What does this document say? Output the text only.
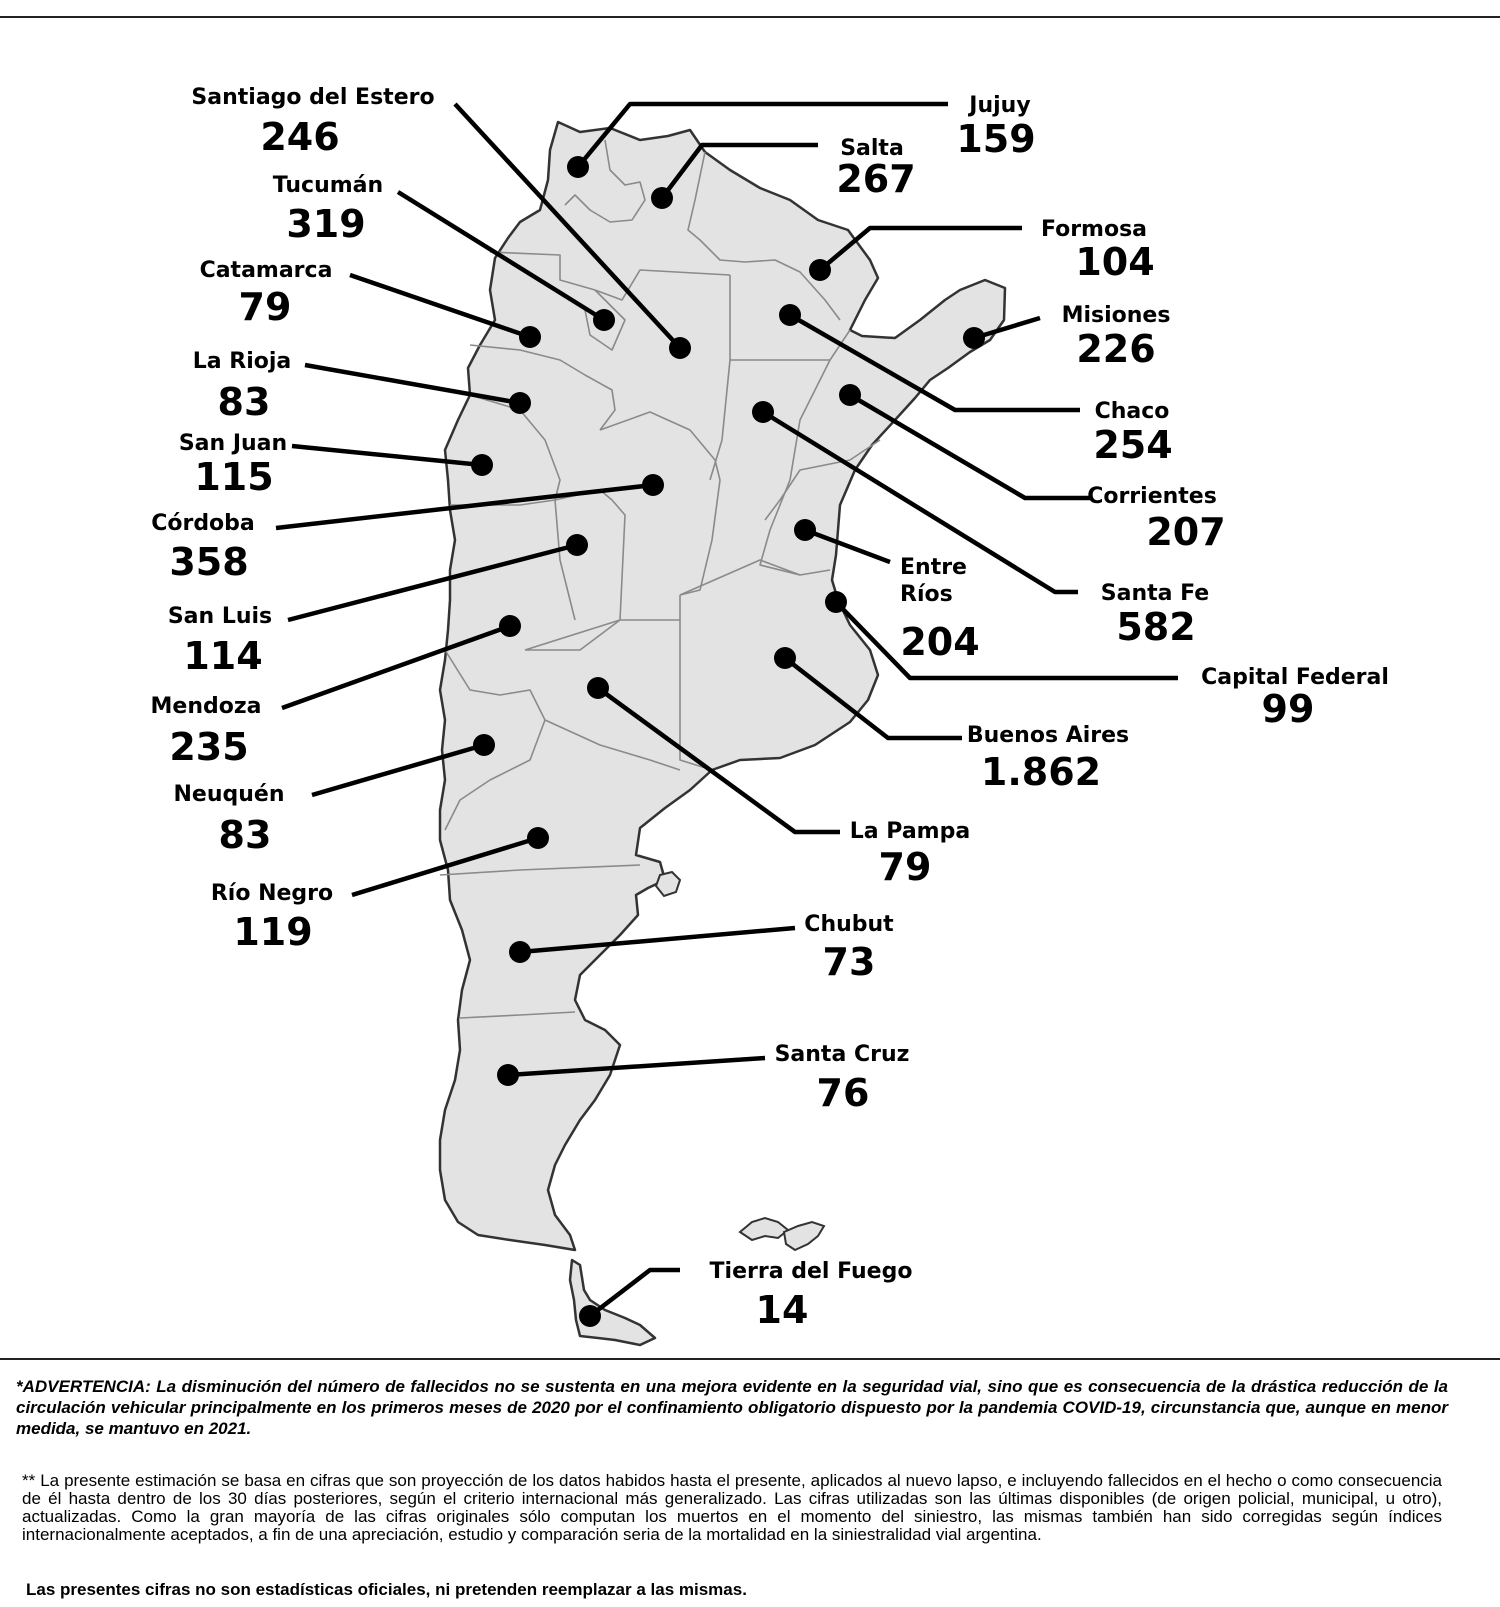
Santiago del Estero
246
Jujuy
159
Salta
267
Tucumán
319	Formosa
104
Catamarca
79	Misiones
226
La Rioja
83	Chaco
254
San Juan
115	Corrientes
207
Córdoba
358	Entre
Ríos
204
Santa Fe
582
San Luis
114	Capital Federal
99
Mendoza
235	Buenos Aires
1.862
Neuquén
83	La Pampa
79
Río Negro
119	Chubut
73
Santa Cruz
76
Tierra del Fuego
14

*ADVERTENCIA: La disminución del número de fallecidos no se sustenta en una mejora evidente en la seguridad vial, sino que es consecuencia de la drástica reducción de la circulación vehicular principalmente en los primeros meses de 2020 por el confinamiento obligatorio dispuesto por la pandemia COVID-19, circunstancia que, aunque en menor medida, se mantuvo en 2021.

** La presente estimación se basa en cifras que son proyección de los datos habidos hasta el presente, aplicados al nuevo lapso, e incluyendo fallecidos en el hecho o como consecuencia de él hasta dentro de los 30 días posteriores, según el criterio internacional más generalizado. Las cifras utilizadas son las últimas disponibles (de origen policial, municipal, u otro), actualizadas. Como la gran mayoría de las cifras originales sólo computan los muertos en el momento del siniestro, las mismas también han sido corregidas según índices internacionalmente aceptados, a fin de una apreciación, estudio y comparación seria de la mortalidad en la siniestralidad vial argentina.

Las presentes cifras no son estadísticas oficiales, ni pretenden reemplazar a las mismas.
